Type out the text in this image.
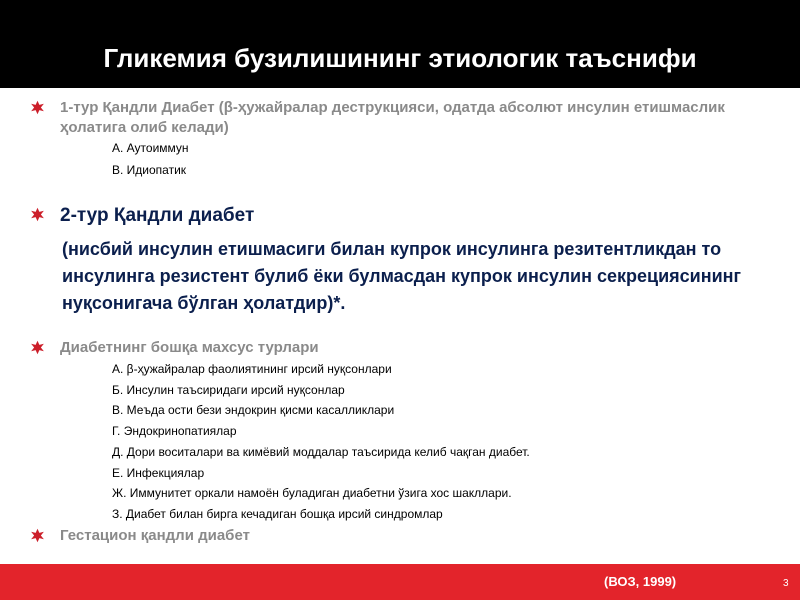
Гликемия бузилишининг этиологик таъснифи
1-тур Қандли Диабет (β-ҳужайралар деструкцияси, одатда абсолют инсулин етишмаслик ҳолатига олиб келади)
А. Аутоиммун
В. Идиопатик
2-тур Қандли диабет
(нисбий инсулин етишмасиги билан купрок инсулинга резитентликдан то инсулинга резистент булиб ёки булмасдан купрок инсулин секрециясининг нуқсонигача бўлган ҳолатдир)*.
Диабетнинг бошқа махсус турлари
А. β-ҳужайралар фаолиятининг ирсий нуқсонлари
Б. Инсулин таъсиридаги ирсий нуқсонлар
В. Меъда ости бези эндокрин қисми касалликлари
Г. Эндокринопатиялар
Д. Дори воситалари ва кимёвий моддалар таъсирида келиб чақган диабет.
Е. Инфекциялар
Ж. Иммунитет оркали намоён буладиган диабетни ўзига хос шакллари.
З. Диабет билан бирга кечадиган бошқа ирсий синдромлар
Гестацион қандли диабет
(ВОЗ, 1999)	3
